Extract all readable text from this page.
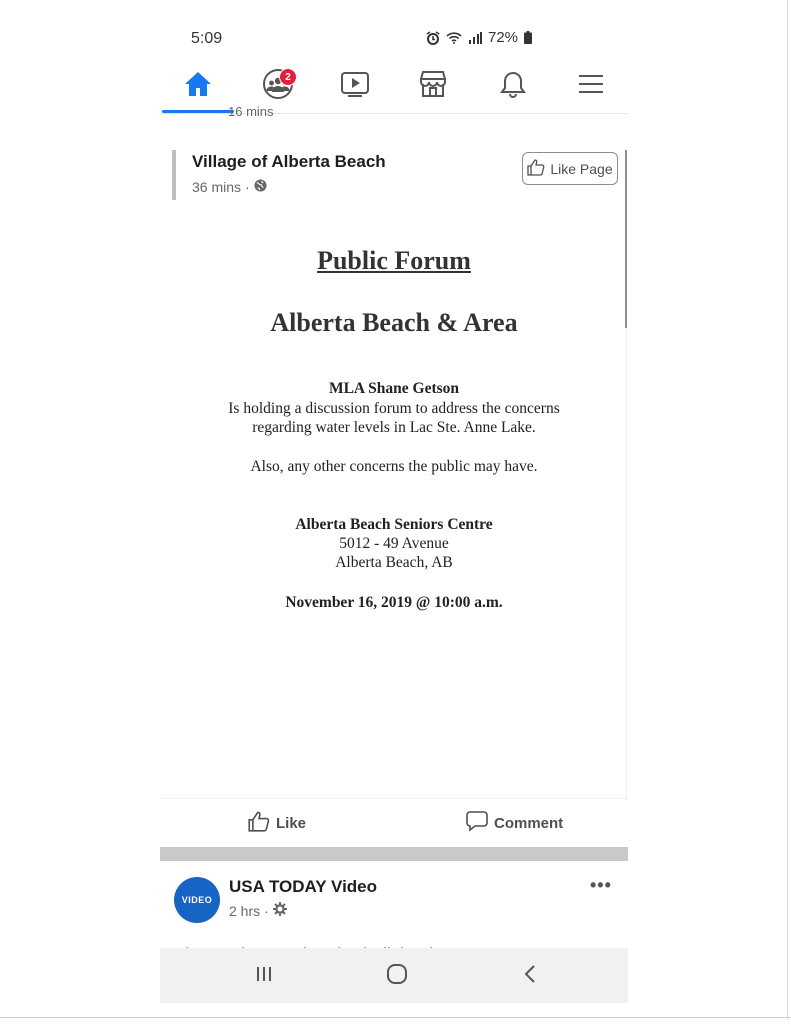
5:09	72%
2
16 mins
Village of Alberta Beach
36 mins ·
Like Page
Public Forum
Alberta Beach & Area
MLA Shane Getson
Is holding a discussion forum to address the concerns
regarding water levels in Lac Ste. Anne Lake.
Also, any other concerns the public may have.
Alberta Beach Seniors Centre
5012 - 49 Avenue
Alberta Beach, AB
November 16, 2019 @ 10:00 a.m.
Like	Comment
VIDEO
USA TODAY Video
2 hrs ·
•••
